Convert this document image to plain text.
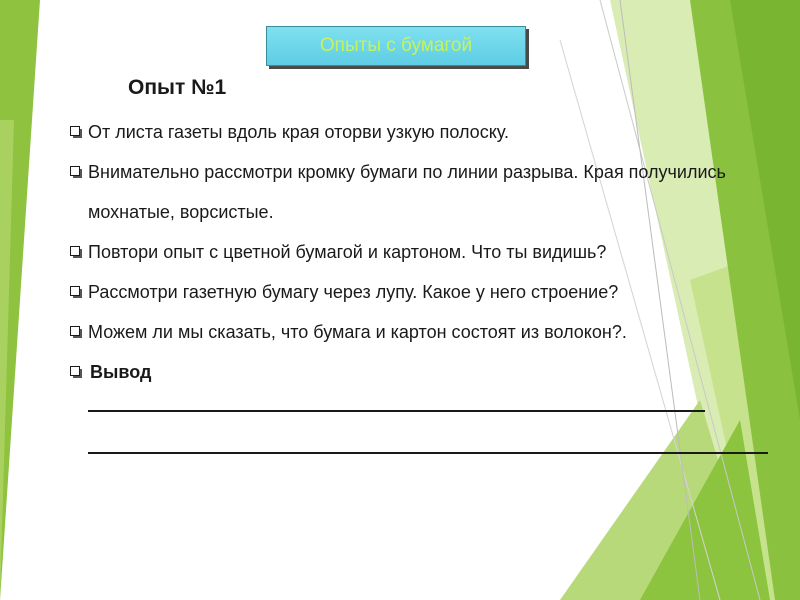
Опыты с бумагой
Опыт №1
От листа газеты вдоль края оторви узкую полоску.
Внимательно рассмотри кромку бумаги по линии разрыва. Края получились мохнатые, ворсистые.
Повтори опыт с цветной бумагой и картоном. Что ты видишь?
Рассмотри газетную бумагу через лупу. Какое у него строение?
Можем ли мы сказать, что бумага и картон состоят из волокон?.
Вывод
